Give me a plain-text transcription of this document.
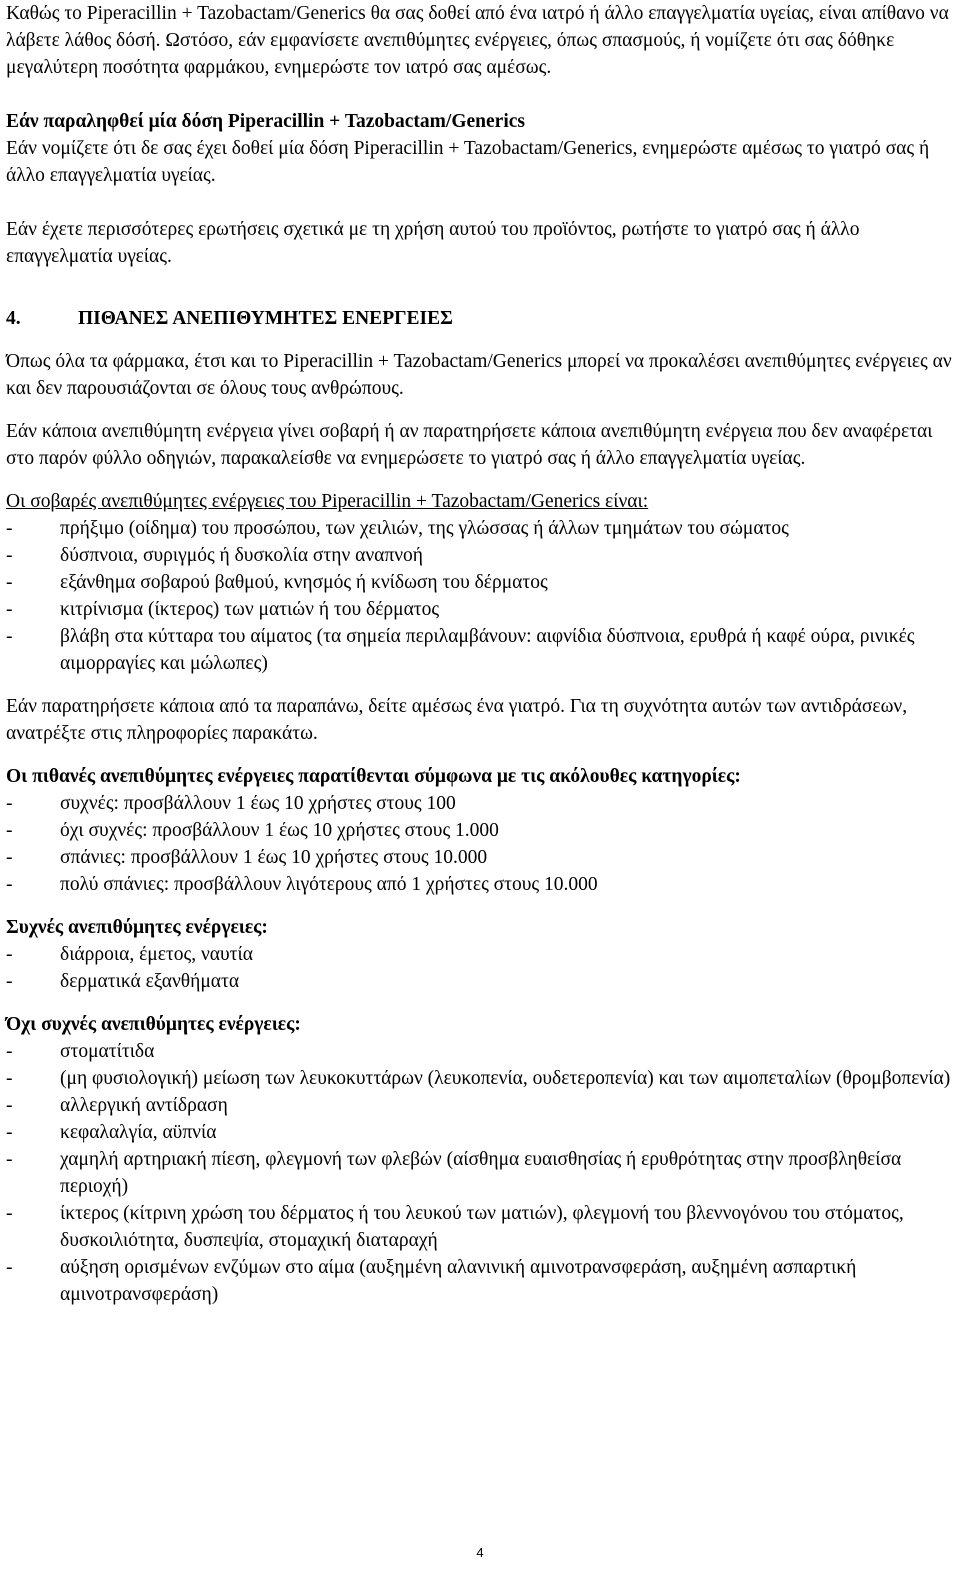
Καθώς το Piperacillin + Tazobactam/Generics θα σας δοθεί από ένα ιατρό ή άλλο επαγγελματία υγείας, είναι απίθανο να λάβετε λάθος δόσή. Ωστόσο, εάν εμφανίσετε ανεπιθύμητες ενέργειες, όπως σπασμούς, ή νομίζετε ότι σας δόθηκε μεγαλύτερη ποσότητα φαρμάκου, ενημερώστε τον ιατρό σας αμέσως.

Εάν παραληφθεί μία δόση Piperacillin + Tazobactam/Generics

Εάν νομίζετε ότι δε σας έχει δοθεί μία δόση Piperacillin + Tazobactam/Generics, ενημερώστε αμέσως το γιατρό σας ή άλλο επαγγελματία υγείας.

Εάν έχετε περισσότερες ερωτήσεις σχετικά με τη χρήση αυτού του προϊόντος, ρωτήστε το γιατρό σας ή άλλο επαγγελματία υγείας.

4.	ΠΙΘΑΝΕΣ ΑΝΕΠΙΘΥΜΗΤΕΣ ΕΝΕΡΓΕΙΕΣ

Όπως όλα τα φάρμακα, έτσι και το Piperacillin + Tazobactam/Generics μπορεί να προκαλέσει ανεπιθύμητες ενέργειες αν και δεν παρουσιάζονται σε όλους τους ανθρώπους.

Εάν κάποια ανεπιθύμητη ενέργεια γίνει σοβαρή ή αν παρατηρήσετε κάποια ανεπιθύμητη ενέργεια που δεν αναφέρεται στο παρόν φύλλο οδηγιών, παρακαλείσθε να ενημερώσετε το γιατρό σας ή άλλο επαγγελματία υγείας.

Οι σοβαρές ανεπιθύμητες ενέργειες του Piperacillin + Tazobactam/Generics είναι:

- πρήξιμο (οίδημα) του προσώπου, των χειλιών, της γλώσσας ή άλλων τμημάτων του σώματος
- δύσπνοια, συριγμός ή δυσκολία στην αναπνοή
- εξάνθημα σοβαρού βαθμού, κνησμός ή κνίδωση του δέρματος
- κιτρίνισμα (ίκτερος) των ματιών ή του δέρματος
- βλάβη στα κύτταρα του αίματος (τα σημεία περιλαμβάνουν: αιφνίδια δύσπνοια, ερυθρά ή καφέ ούρα, ρινικές αιμορραγίες και μώλωπες)

Εάν παρατηρήσετε κάποια από τα παραπάνω, δείτε αμέσως ένα γιατρό. Για τη συχνότητα αυτών των αντιδράσεων, ανατρέξτε στις πληροφορίες παρακάτω.

Οι πιθανές ανεπιθύμητες ενέργειες παρατίθενται σύμφωνα με τις ακόλουθες κατηγορίες:

- συχνές: προσβάλλουν 1 έως 10 χρήστες στους 100
- όχι συχνές: προσβάλλουν 1 έως 10 χρήστες στους 1.000
- σπάνιες: προσβάλλουν 1 έως 10 χρήστες στους 10.000
- πολύ σπάνιες: προσβάλλουν λιγότερους από 1 χρήστες στους 10.000

Συχνές ανεπιθύμητες ενέργειες:

- διάρροια, έμετος, ναυτία
- δερματικά εξανθήματα

Όχι συχνές ανεπιθύμητες ενέργειες:

- στοματίτιδα
- (μη φυσιολογική) μείωση των λευκοκυττάρων (λευκοπενία, ουδετεροπενία) και των αιμοπεταλίων (θρομβοπενία)
- αλλεργική αντίδραση
- κεφαλαλγία, αϋπνία
- χαμηλή αρτηριακή πίεση, φλεγμονή των φλεβών (αίσθημα ευαισθησίας ή ερυθρότητας στην προσβληθείσα περιοχή)
- ίκτερος (κίτρινη χρώση του δέρματος ή του λευκού των ματιών), φλεγμονή του βλεννογόνου του στόματος, δυσκοιλιότητα, δυσπεψία, στομαχική διαταραχή
- αύξηση ορισμένων ενζύμων στο αίμα (αυξημένη αλανινική αμινοτρανσφεράση, αυξημένη ασπαρτική αμινοτρανσφεράση)
4
